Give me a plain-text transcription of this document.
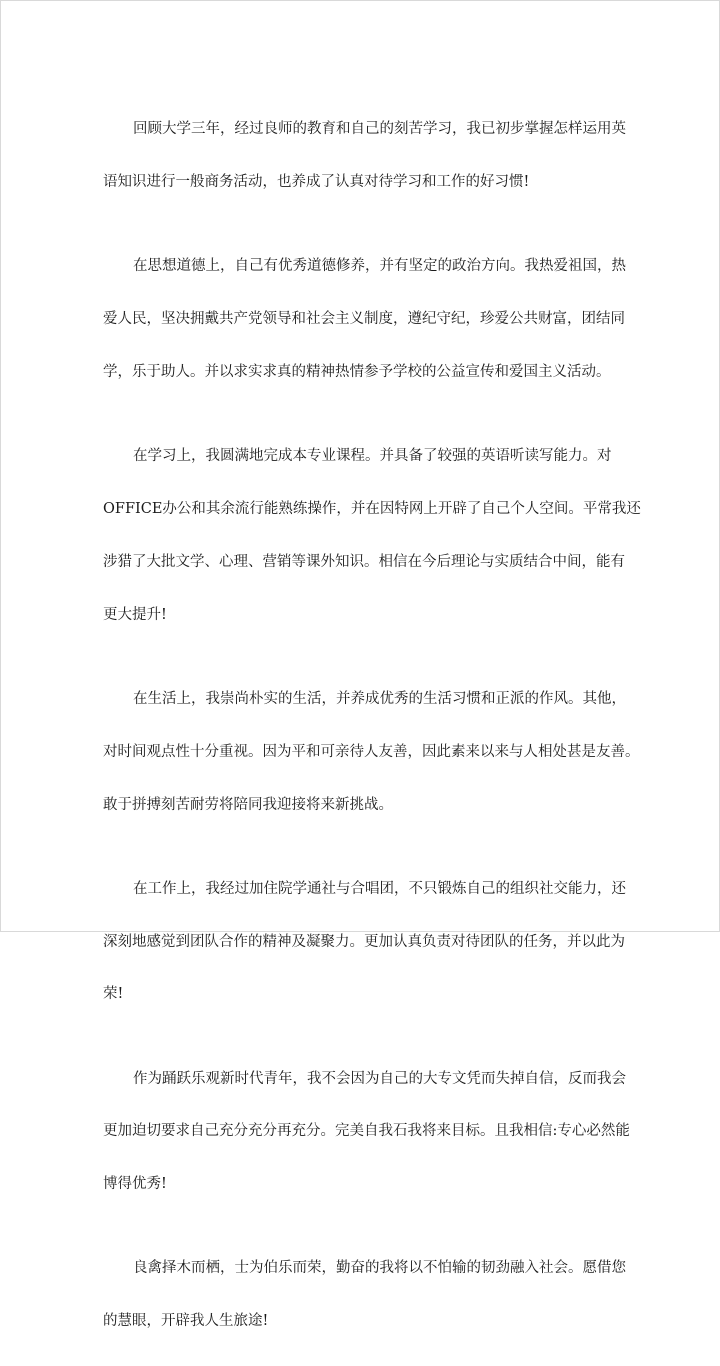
回顾大学三年，经过良师的教育和自己的刻苦学习，我已初步掌握怎样运用英

语知识进行一般商务活动，也养成了认真对待学习和工作的好习惯!

在思想道德上，自己有优秀道德修养，并有坚定的政治方向。我热爱祖国，热

爱人民，坚决拥戴共产党领导和社会主义制度，遵纪守纪，珍爱公共财富，团结同

学，乐于助人。并以求实求真的精神热情参予学校的公益宣传和爱国主义活动。

在学习上，我圆满地完成本专业课程。并具备了较强的英语听读写能力。对

OFFICE办公和其余流行能熟练操作，并在因特网上开辟了自己个人空间。平常我还

涉猎了大批文学、心理、营销等课外知识。相信在今后理论与实质结合中间，能有

更大提升!

在生活上，我崇尚朴实的生活，并养成优秀的生活习惯和正派的作风。其他，

对时间观点性十分重视。因为平和可亲待人友善，因此素来以来与人相处甚是友善。

敢于拼搏刻苦耐劳将陪同我迎接将来新挑战。

在工作上，我经过加住院学通社与合唱团，不只锻炼自己的组织社交能力，还

深刻地感觉到团队合作的精神及凝聚力。更加认真负责对待团队的任务，并以此为

荣!

作为踊跃乐观新时代青年，我不会因为自己的大专文凭而失掉自信，反而我会

更加迫切要求自己充分充分再充分。完美自我石我将来目标。且我相信:专心必然能

博得优秀!

良禽择木而栖，士为伯乐而荣，勤奋的我将以不怕输的韧劲融入社会。愿借您

的慧眼，开辟我人生旅途!
